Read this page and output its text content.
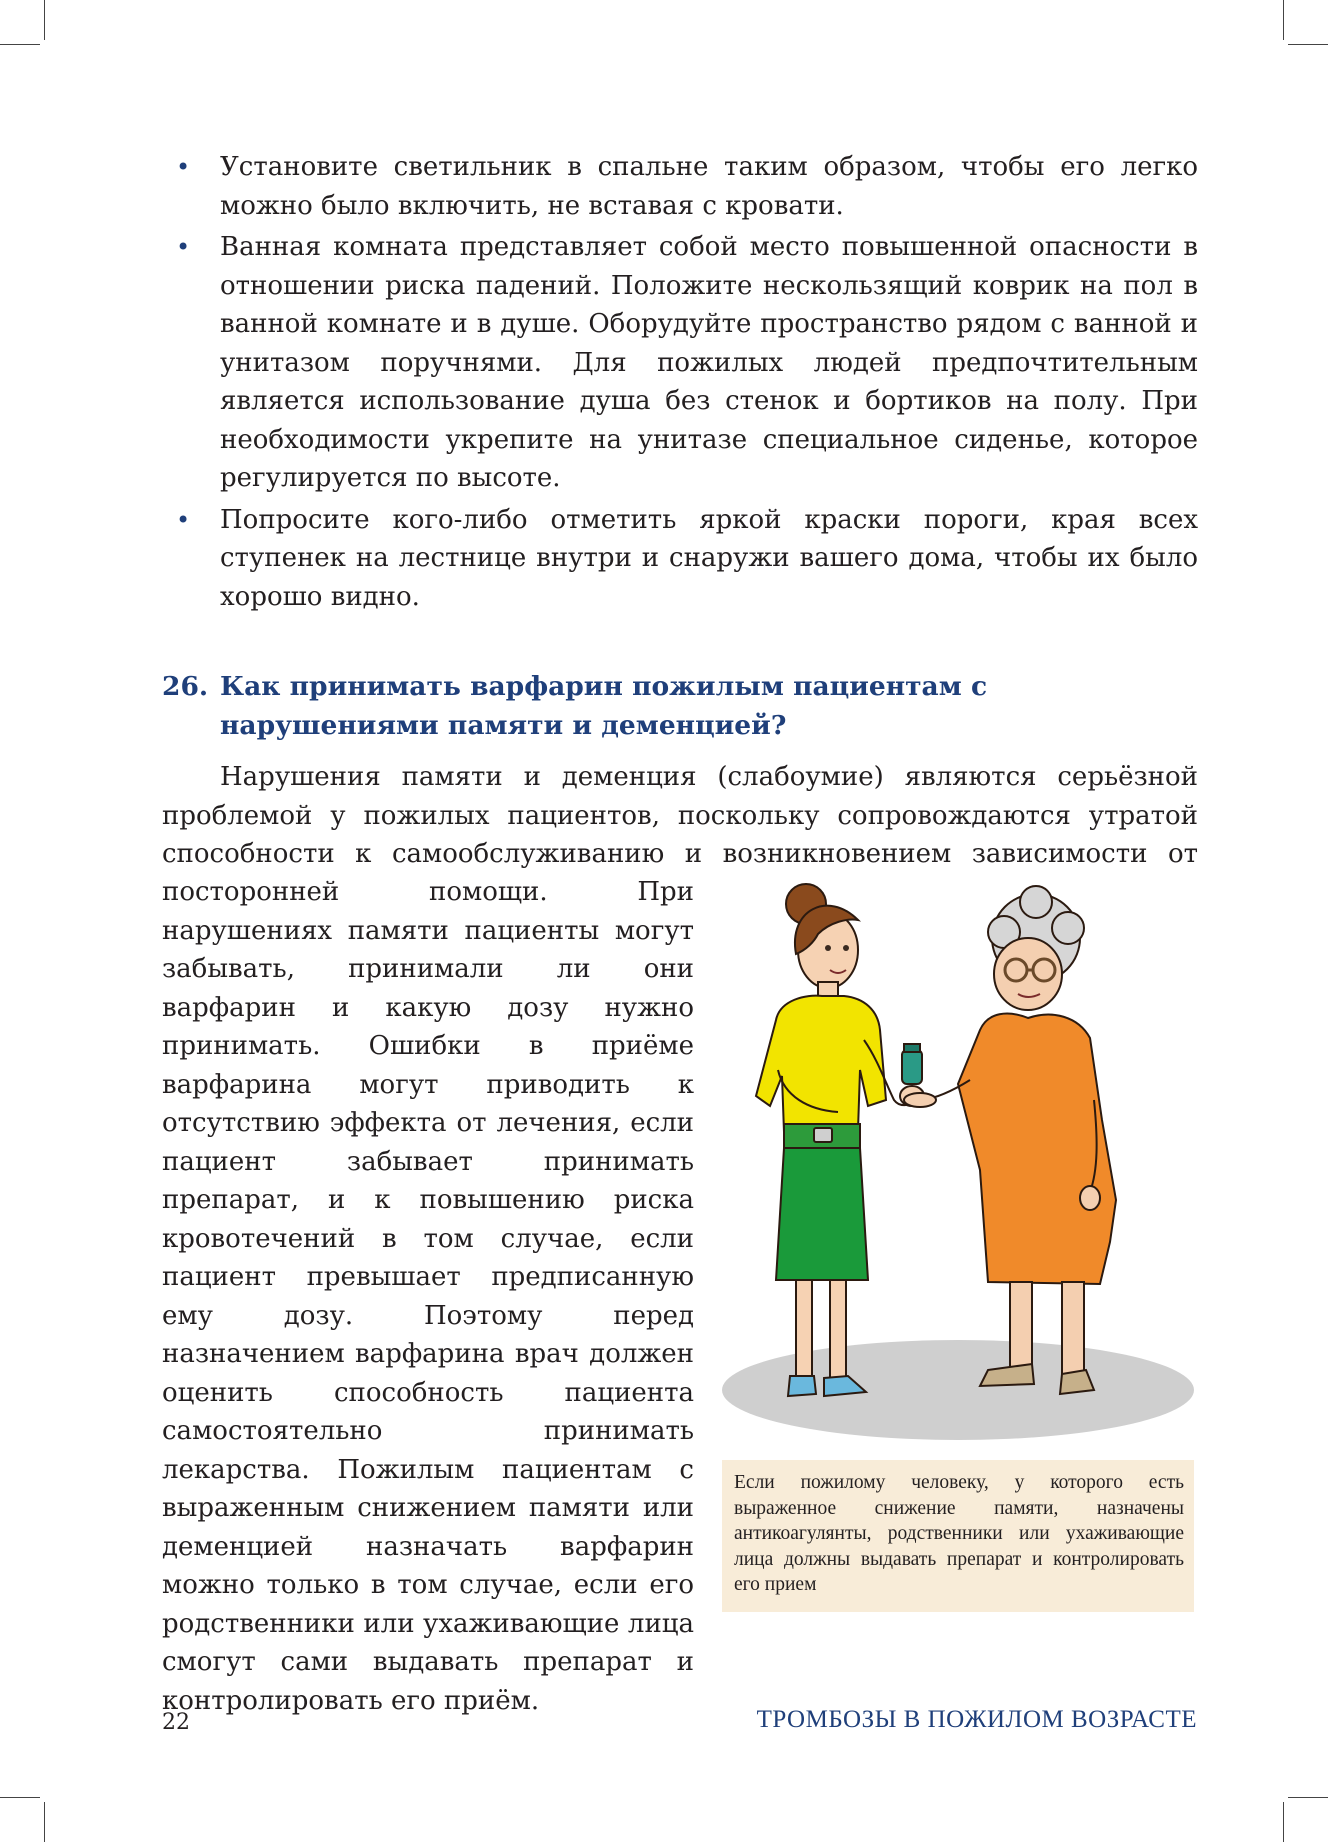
• Установите светильник в спальне таким образом, чтобы его легко можно было включить, не вставая с кровати.
• Ванная комната представляет собой место повышенной опасности в отношении риска падений. Положите нескользящий коврик на пол в ванной комнате и в душе. Оборудуйте пространство рядом с ванной и унитазом поручнями. Для пожилых людей предпочтительным является использование душа без стенок и бортиков на полу. При необходимости укрепите на унитазе специальное сиденье, которое регулируется по высоте.
• Попросите кого-либо отметить яркой краски пороги, края всех ступенек на лестнице внутри и снаружи вашего дома, чтобы их было хорошо видно.
26. Как принимать варфарин пожилым пациентам с нарушениями памяти и деменцией?

Нарушения памяти и деменция (слабоумие) являются серьёзной проблемой у пожилых пациентов, поскольку сопровождаются утратой способности к самообслуживанию и возникновением зависимости от

посторонней помощи. При нарушениях памяти пациенты могут забывать, принимали ли они варфарин и какую дозу нужно принимать. Ошибки в приёме варфарина могут приводить к отсутствию эффекта от лечения, если пациент забывает принимать препарат, и к повышению риска кровотечений в том случае, если пациент превышает предписанную ему дозу. Поэтому перед назначением варфарина врач должен оценить способность пациента самостоятельно принимать лекарства. Пожилым пациентам с выраженным снижением памяти или деменцией назначать варфарин можно только в том случае, если его родственники или ухаживающие лица смогут сами выдавать препарат и контролировать его приём.

Если пожилому человеку, у которого есть выраженное снижение памяти, назначены антикоагулянты, родственники или ухаживающие лица должны выдавать препарат и контролировать его прием
22	ТРОМБОЗЫ В ПОЖИЛОМ ВОЗРАСТЕ
